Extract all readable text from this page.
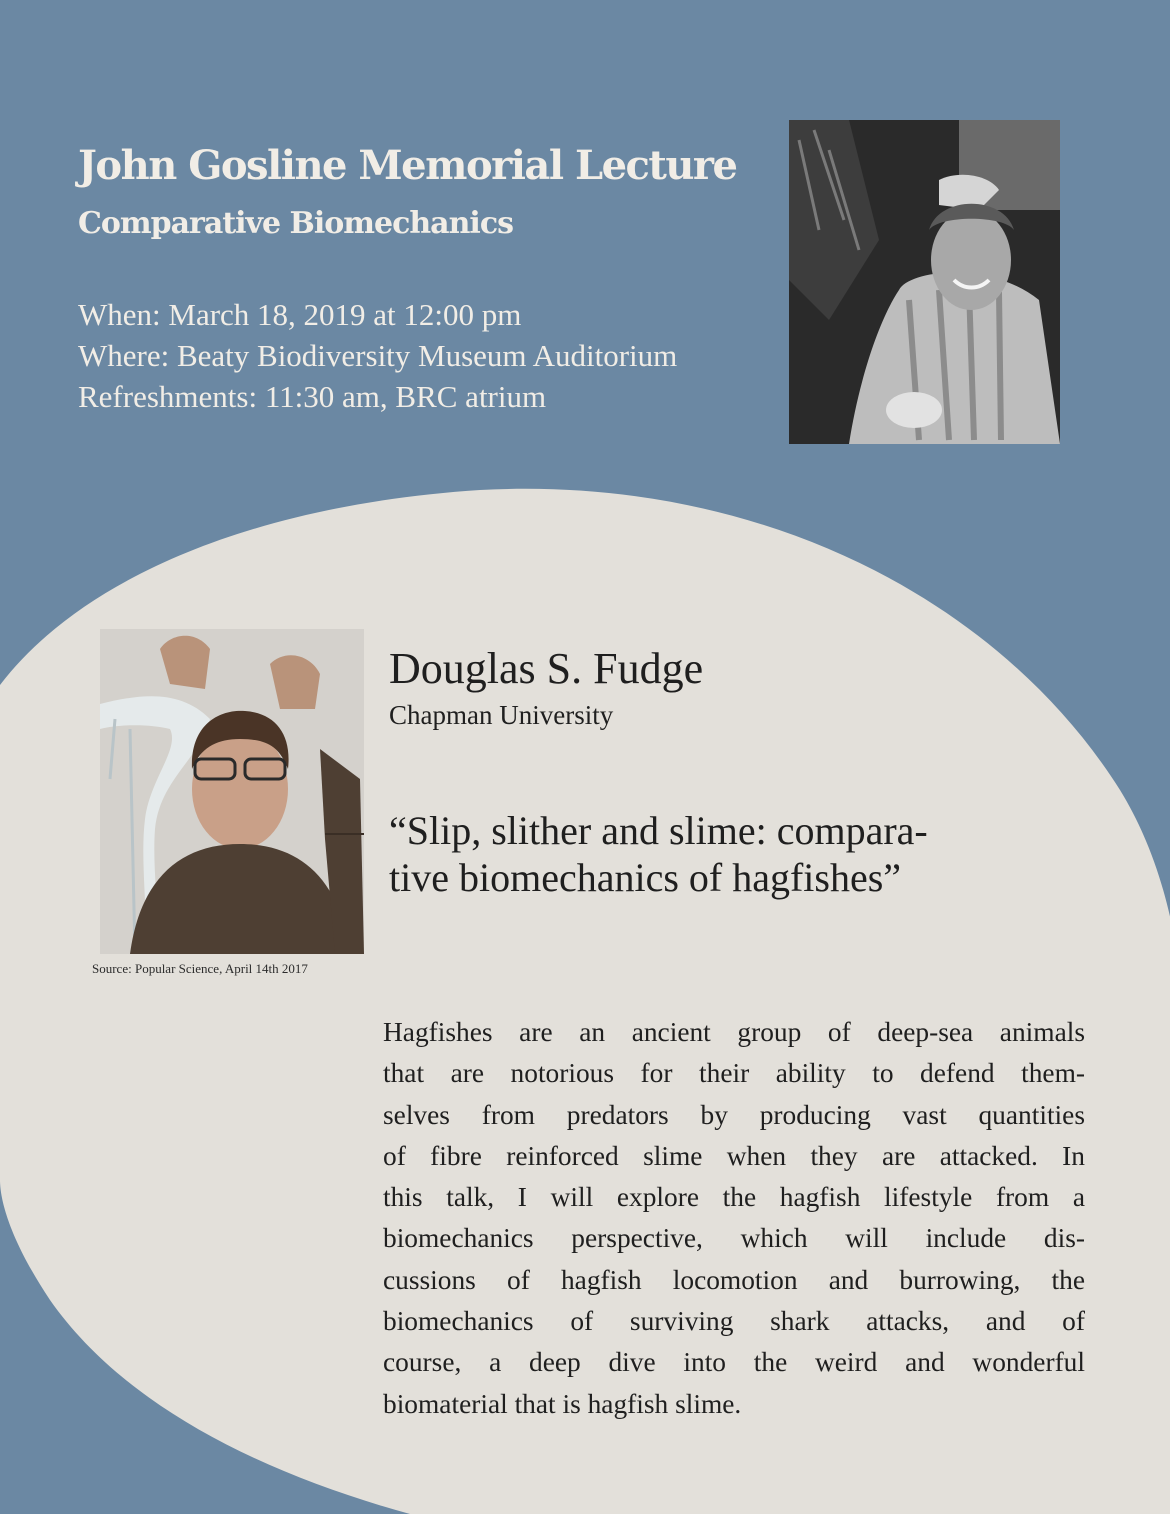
John Gosline Memorial Lecture
Comparative Biomechanics
When: March 18, 2019 at 12:00 pm
Where: Beaty Biodiversity Museum Auditorium
Refreshments: 11:30 am, BRC atrium
Source: Popular Science, April 14th 2017
Douglas S. Fudge
Chapman University
“Slip, slither and slime: compara-
tive biomechanics of hagfishes”
Hagfishes are an ancient group of deep-sea animals
that are notorious for their ability to defend them-
selves from predators by producing vast quantities
of fibre reinforced slime when they are attacked. In
this talk, I will explore the hagfish lifestyle from a
biomechanics perspective, which will include dis-
cussions of hagfish locomotion and burrowing, the
biomechanics of surviving shark attacks, and of
course, a deep dive into the weird and wonderful
biomaterial that is hagfish slime.
